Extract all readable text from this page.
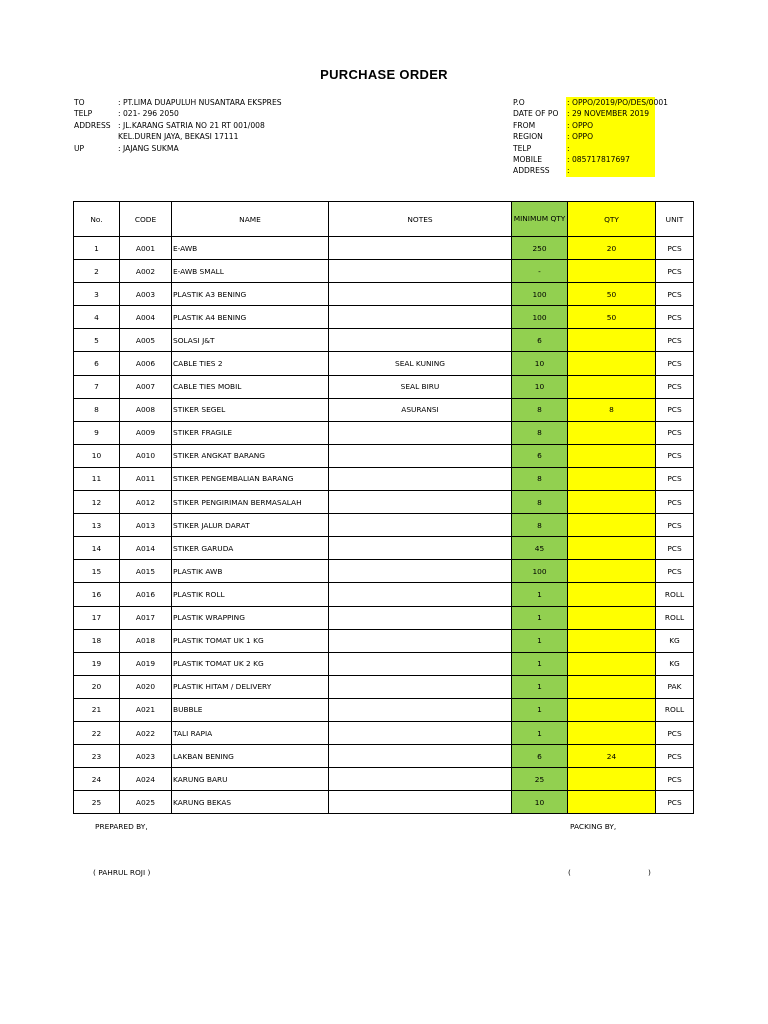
PURCHASE ORDER
TO	: PT.LIMA DUAPULUH NUSANTARA EKSPRES
TELP	: 021- 296 2050
ADDRESS : JL.KARANG SATRIA NO 21 RT 001/008
KEL.DUREN JAYA, BEKASI 17111
UP	: JAJANG SUKMA
P.O	: OPPO/2019/PO/DES/0001
DATE OF PO	: 29 NOVEMBER 2019
FROM	: OPPO
REGION	: OPPO
TELP	:
MOBILE	: 085717817697
ADDRESS	:
No.	CODE	NAME	NOTES	MINIMUM QTY	QTY	UNIT
1	A001	E-AWB		250	20	PCS
2	A002	E-AWB SMALL		-		PCS
3	A003	PLASTIK A3 BENING		100	50	PCS
4	A004	PLASTIK A4 BENING		100	50	PCS
5	A005	SOLASI J&T		6		PCS
6	A006	CABLE TIES 2	SEAL KUNING	10		PCS
7	A007	CABLE TIES MOBIL	SEAL BIRU	10		PCS
8	A008	STIKER SEGEL	ASURANSI	8	8	PCS
9	A009	STIKER FRAGILE		8		PCS
10	A010	STIKER ANGKAT BARANG		6		PCS
11	A011	STIKER PENGEMBALIAN BARANG		8		PCS
12	A012	STIKER PENGIRIMAN BERMASALAH		8		PCS
13	A013	STIKER JALUR DARAT		8		PCS
14	A014	STIKER GARUDA		45		PCS
15	A015	PLASTIK AWB		100		PCS
16	A016	PLASTIK ROLL		1		ROLL
17	A017	PLASTIK WRAPPING		1		ROLL
18	A018	PLASTIK TOMAT UK 1 KG		1		KG
19	A019	PLASTIK TOMAT UK 2 KG		1		KG
20	A020	PLASTIK HITAM / DELIVERY		1		PAK
21	A021	BUBBLE		1		ROLL
22	A022	TALI RAPIA		1		PCS
23	A023	LAKBAN BENING		6	24	PCS
24	A024	KARUNG BARU		25		PCS
25	A025	KARUNG BEKAS		10		PCS
PREPARED BY,	PACKING BY,
( PAHRUL ROJI )	(	)
